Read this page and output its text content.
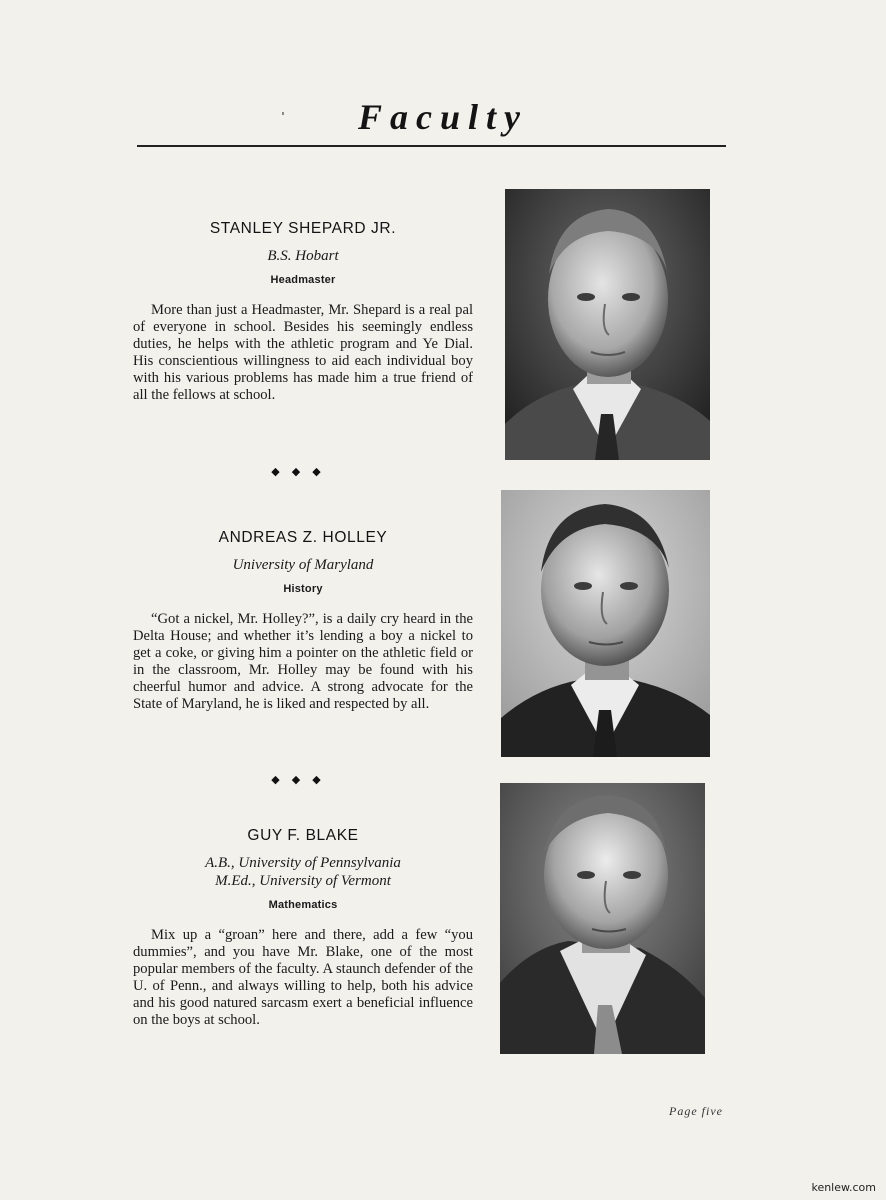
Faculty
STANLEY SHEPARD JR.
B.S. Hobart
Headmaster
More than just a Headmaster, Mr. Shepard is a real pal of everyone in school. Besides his seemingly endless duties, he helps with the athletic program and Ye Dial. His conscientious willingness to aid each individual boy with his various problems has made him a true friend of all the fellows at school.
◆◆◆
ANDREAS Z. HOLLEY
University of Maryland
History
“Got a nickel, Mr. Holley?”, is a daily cry heard in the Delta House; and whether it’s lending a boy a nickel to get a coke, or giving him a pointer on the athletic field or in the classroom, Mr. Holley may be found with his cheerful humor and advice. A strong advocate for the State of Maryland, he is liked and respected by all.
◆◆◆
GUY F. BLAKE
A.B., University of Pennsylvania
M.Ed., University of Vermont
Mathematics
Mix up a “groan” here and there, add a few “you dummies”, and you have Mr. Blake, one of the most popular members of the faculty. A staunch defender of the U. of Penn., and always willing to help, both his advice and his good natured sarcasm exert a beneficial influence on the boys at school.
Page five
kenlew.com
